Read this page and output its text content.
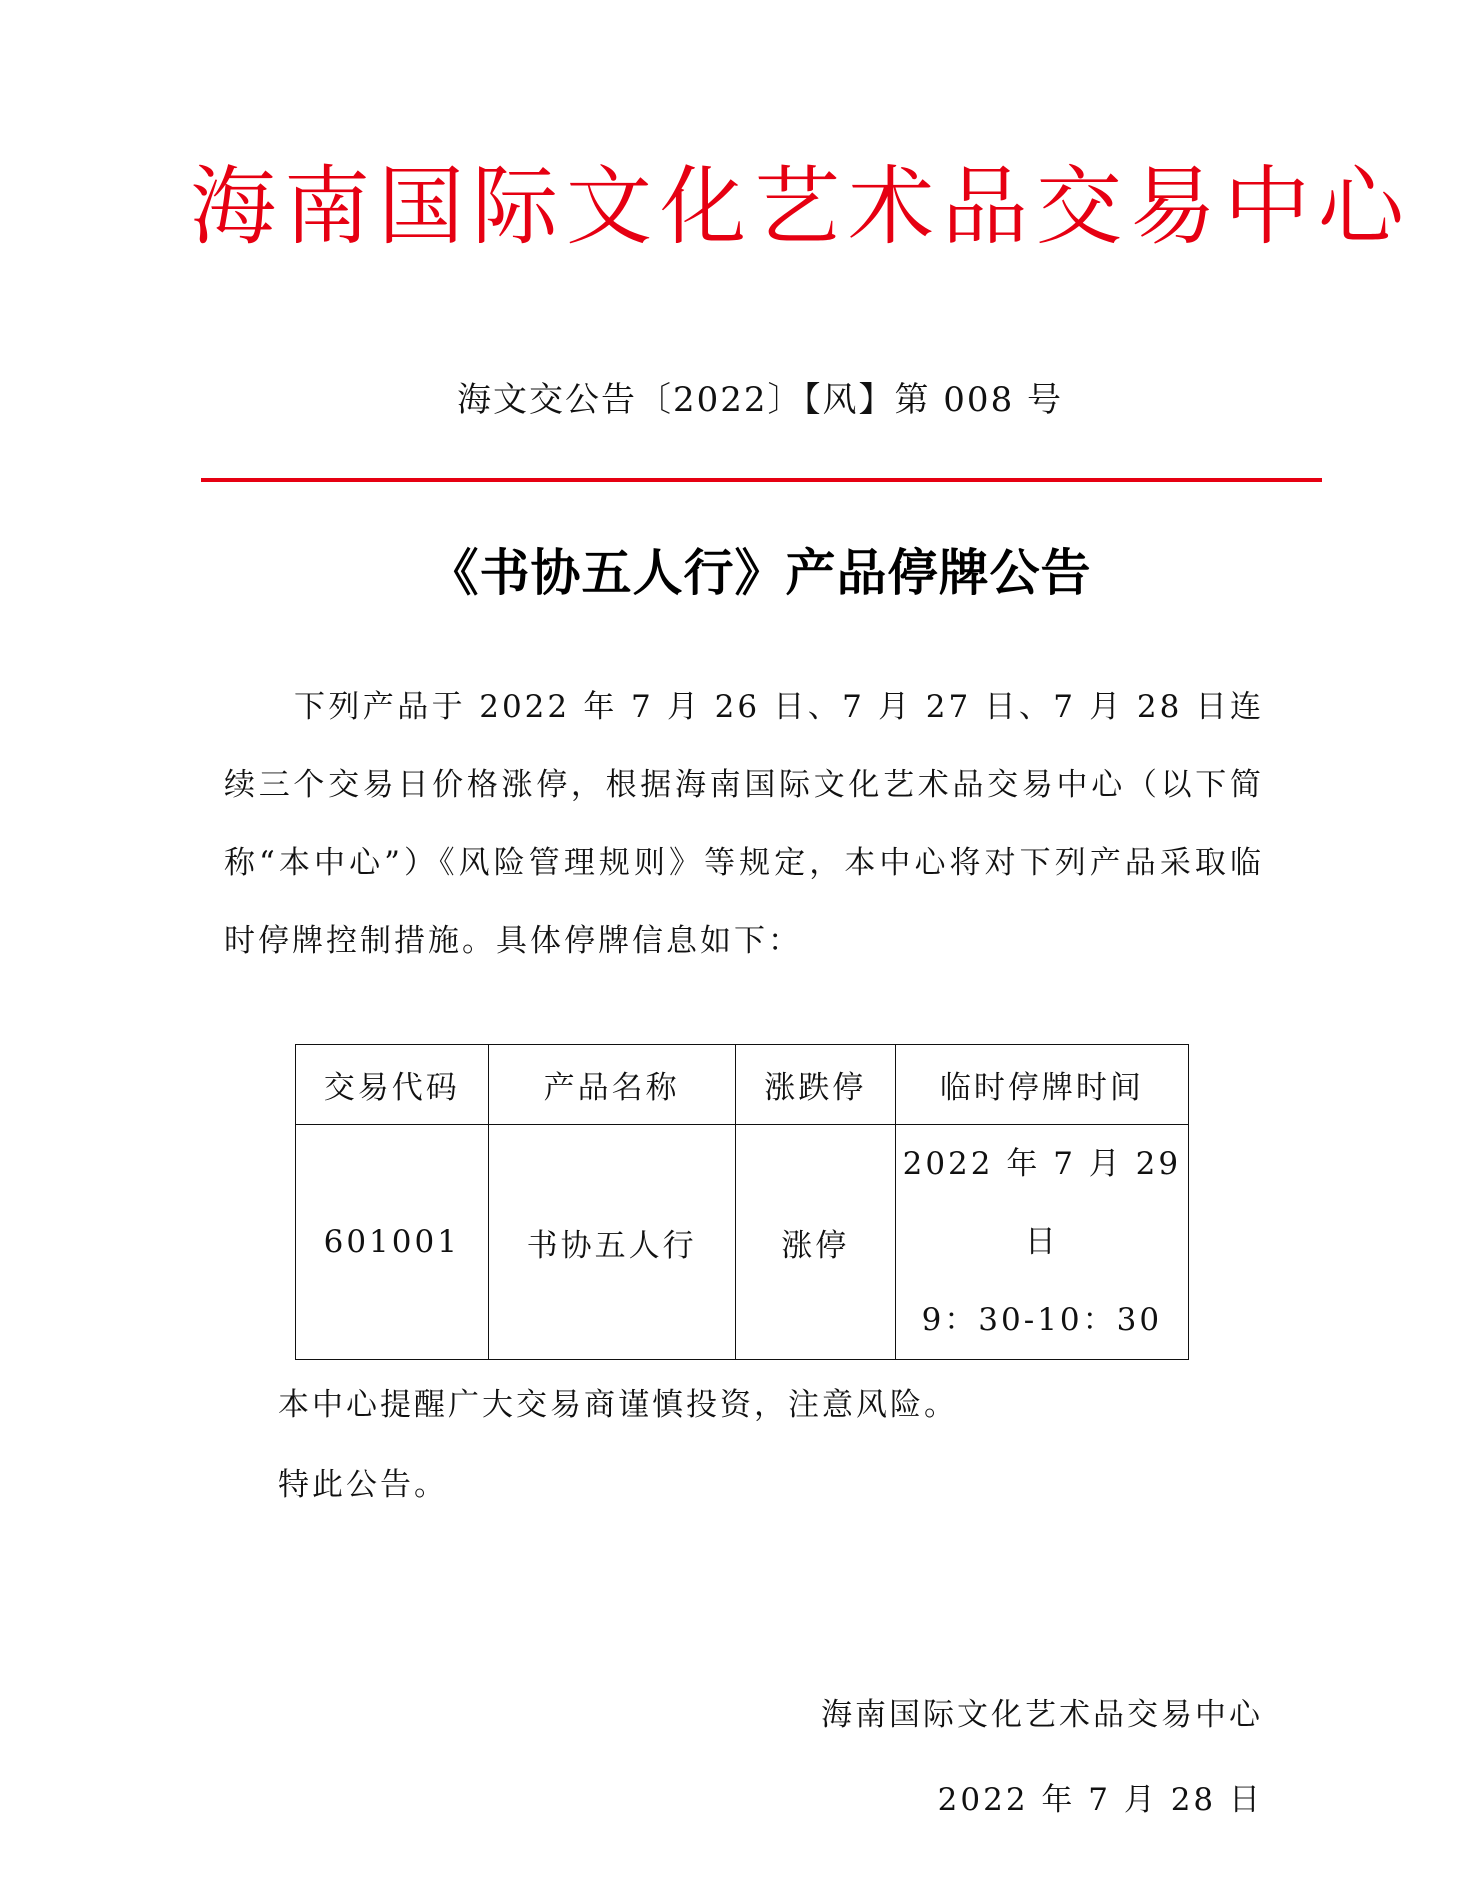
海南国际文化艺术品交易中心
海文交公告〔2022〕【风】第 008 号
《书协五人行》产品停牌公告

下列产品于 2022 年 7 月 26 日、7 月 27 日、7 月 28 日连续三个交易日价格涨停，根据海南国际文化艺术品交易中心（以下简称“本中心”）《风险管理规则》等规定，本中心将对下列产品采取临时停牌控制措施。具体停牌信息如下：

交易代码	产品名称	涨跌停	临时停牌时间
601001	书协五人行	涨停	2022 年 7 月 29 日
9：30-10：30

本中心提醒广大交易商谨慎投资，注意风险。

特此公告。

海南国际文化艺术品交易中心
2022 年 7 月 28 日
